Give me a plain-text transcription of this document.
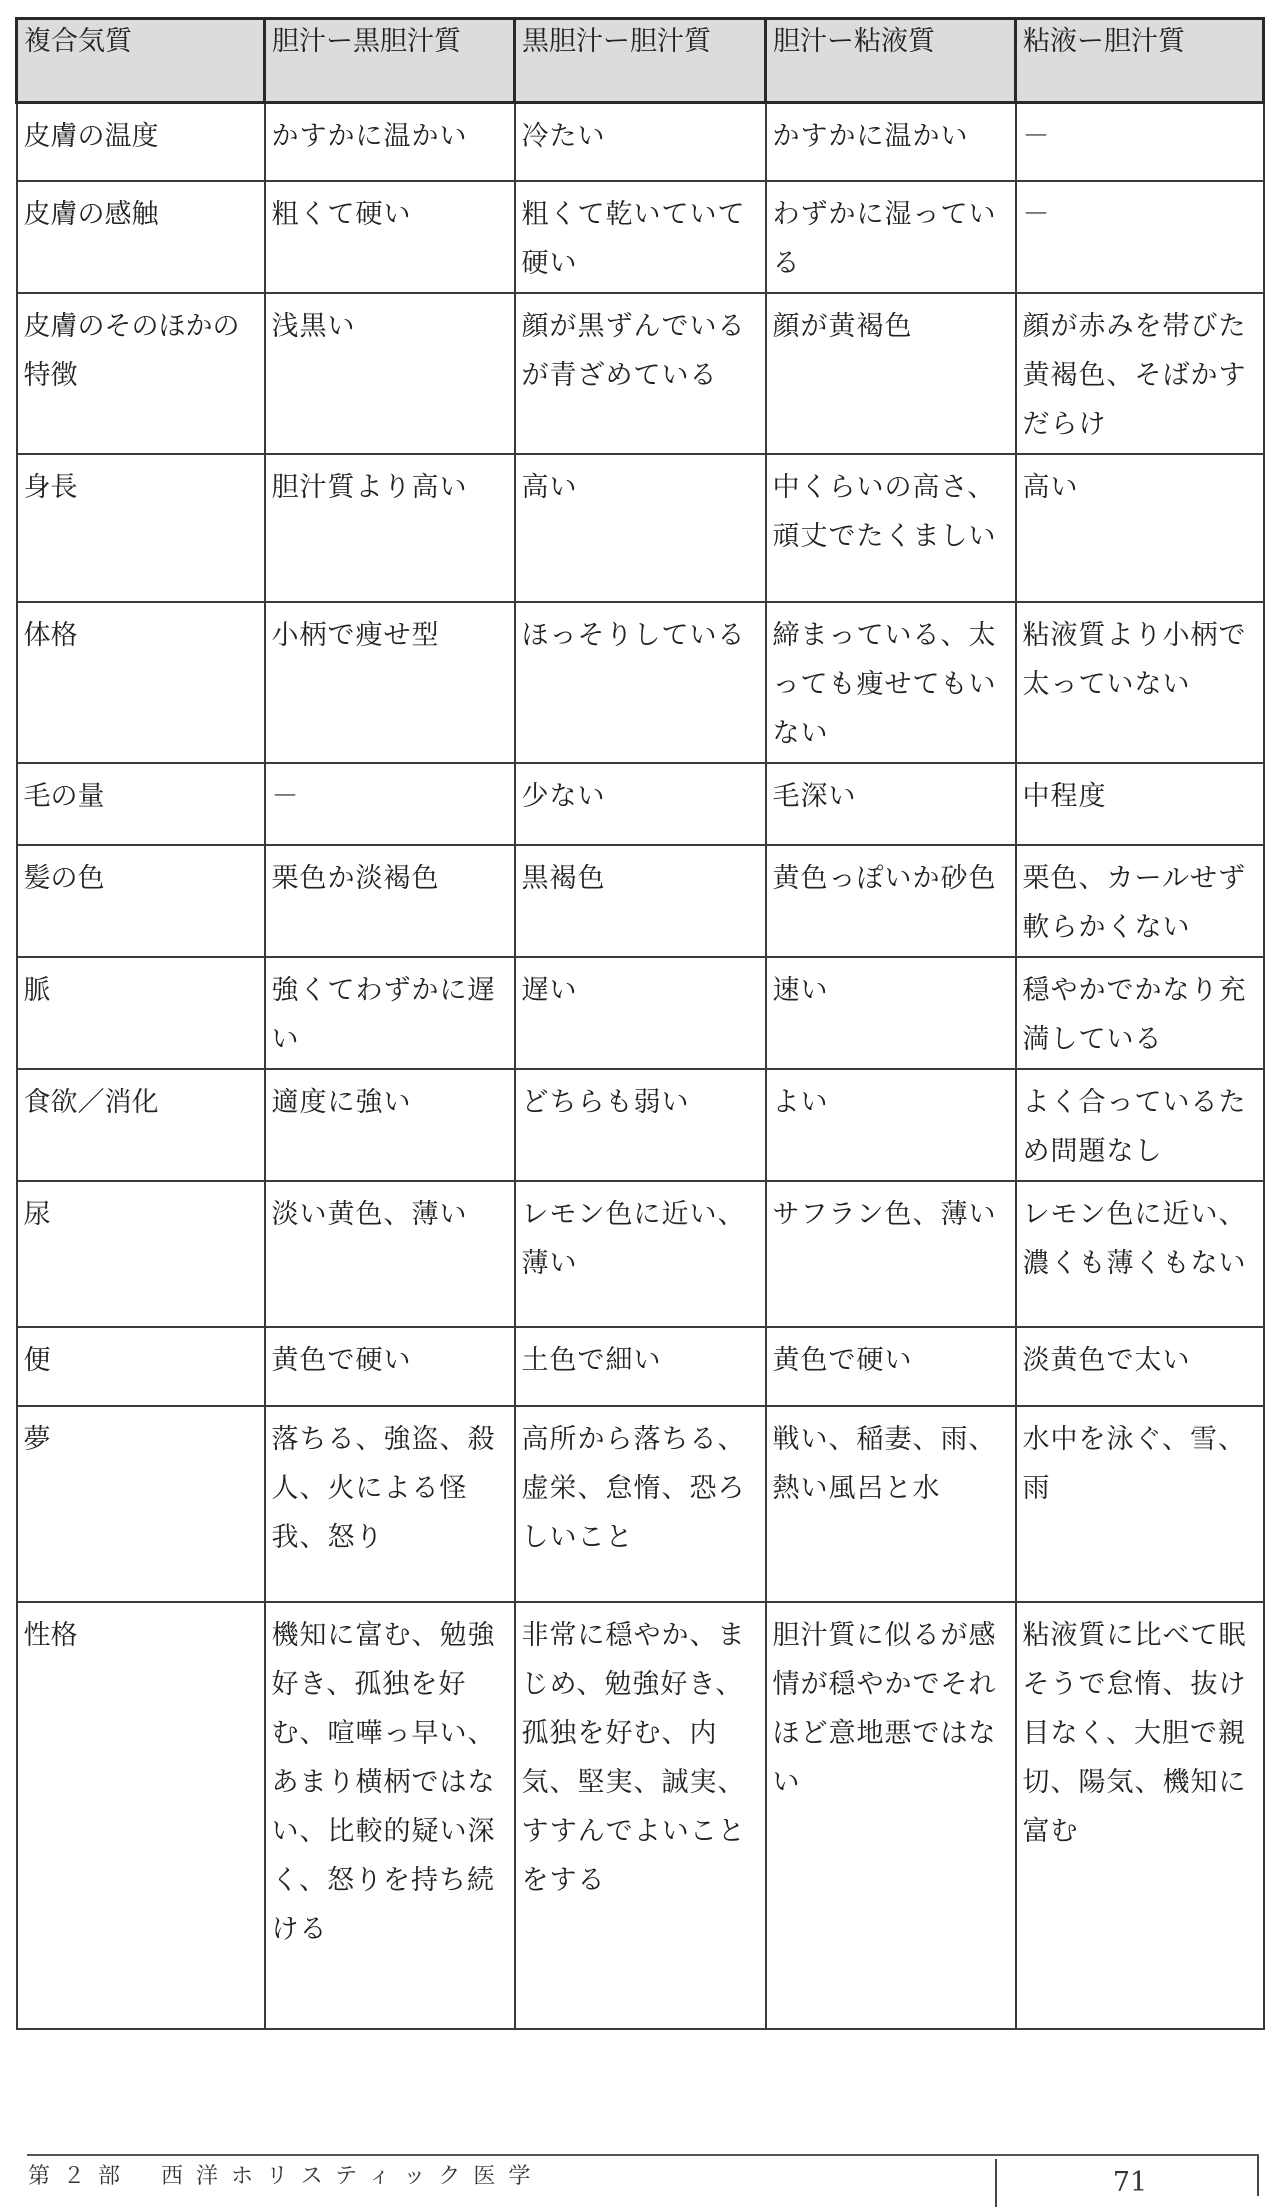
複合気質	胆汁ー黒胆汁質	黒胆汁ー胆汁質	胆汁ー粘液質	粘液ー胆汁質
皮膚の温度	かすかに温かい	冷たい	かすかに温かい	－
皮膚の感触	粗くて硬い	粗くて乾いていて硬い	わずかに湿っている	－
皮膚のそのほかの特徴	浅黒い	顔が黒ずんでいるが青ざめている	顔が黄褐色	顔が赤みを帯びた黄褐色、そばかすだらけ
身長	胆汁質より高い	高い	中くらいの高さ、頑丈でたくましい	高い
体格	小柄で痩せ型	ほっそりしている	締まっている、太っても痩せてもいない	粘液質より小柄で太っていない
毛の量	－	少ない	毛深い	中程度
髪の色	栗色か淡褐色	黒褐色	黄色っぽいか砂色	栗色、カールせず軟らかくない
脈	強くてわずかに遅い	遅い	速い	穏やかでかなり充満している
食欲／消化	適度に強い	どちらも弱い	よい	よく合っているため問題なし
尿	淡い黄色、薄い	レモン色に近い、薄い	サフラン色、薄い	レモン色に近い、濃くも薄くもない
便	黄色で硬い	土色で細い	黄色で硬い	淡黄色で太い
夢	落ちる、強盗、殺人、火による怪我、怒り	高所から落ちる、虚栄、怠惰、恐ろしいこと	戦い、稲妻、雨、熱い風呂と水	水中を泳ぐ、雪、雨
性格	機知に富む、勉強好き、孤独を好む、喧嘩っ早い、あまり横柄ではない、比較的疑い深く、怒りを持ち続ける	非常に穏やか、まじめ、勉強好き、孤独を好む、内気、堅実、誠実、すすんでよいことをする	胆汁質に似るが感情が穏やかでそれほど意地悪ではない	粘液質に比べて眠そうで怠惰、抜け目なく、大胆で親切、陽気、機知に富む
第２部 西洋ホリスティック医学	71
